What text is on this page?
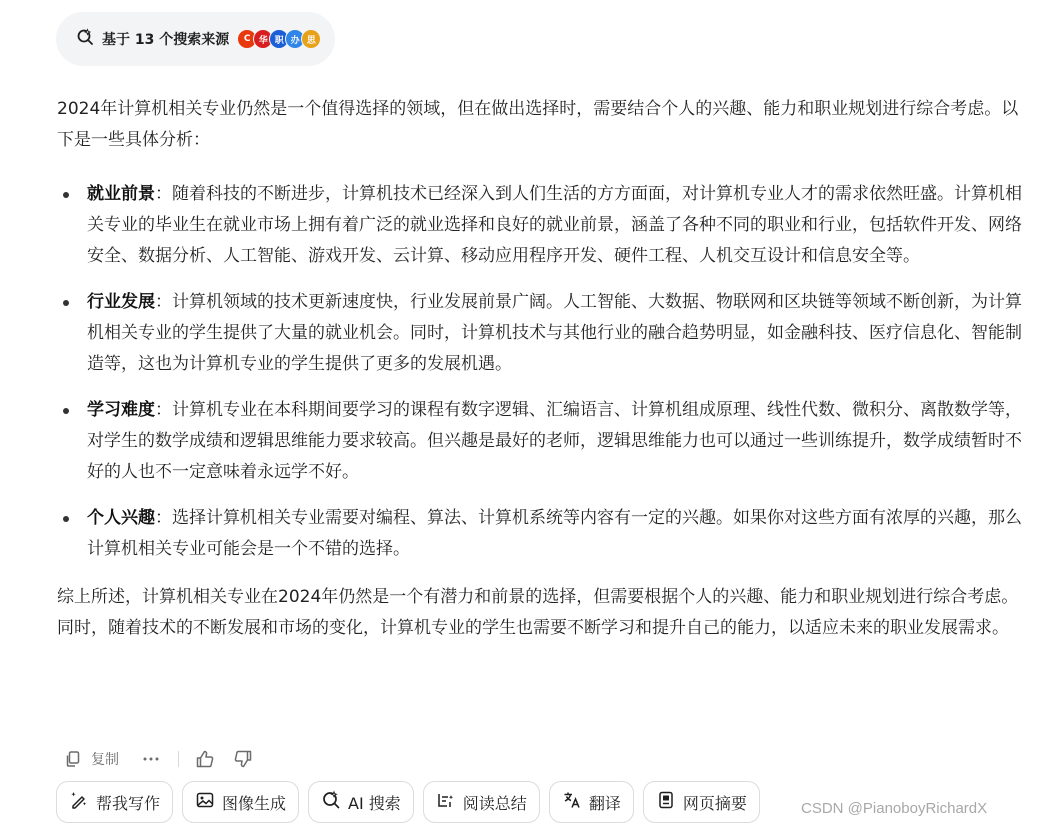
基于 13 个搜索来源	C 华 职 办 思

2024年计算机相关专业仍然是一个值得选择的领域，但在做出选择时，需要结合个人的兴趣、能力和职业规划进行综合考虑。以下是一些具体分析：

就业前景：随着科技的不断进步，计算机技术已经深入到人们生活的方方面面，对计算机专业人才的需求依然旺盛。计算机相关专业的毕业生在就业市场上拥有着广泛的就业选择和良好的就业前景，涵盖了各种不同的职业和行业，包括软件开发、网络安全、数据分析、人工智能、游戏开发、云计算、移动应用程序开发、硬件工程、人机交互设计和信息安全等。
行业发展：计算机领域的技术更新速度快，行业发展前景广阔。人工智能、大数据、物联网和区块链等领域不断创新，为计算机相关专业的学生提供了大量的就业机会。同时，计算机技术与其他行业的融合趋势明显，如金融科技、医疗信息化、智能制造等，这也为计算机专业的学生提供了更多的发展机遇。
学习难度：计算机专业在本科期间要学习的课程有数字逻辑、汇编语言、计算机组成原理、线性代数、微积分、离散数学等，对学生的数学成绩和逻辑思维能力要求较高。但兴趣是最好的老师，逻辑思维能力也可以通过一些训练提升，数学成绩暂时不好的人也不一定意味着永远学不好。
个人兴趣：选择计算机相关专业需要对编程、算法、计算机系统等内容有一定的兴趣。如果你对这些方面有浓厚的兴趣，那么计算机相关专业可能会是一个不错的选择。

综上所述，计算机相关专业在2024年仍然是一个有潜力和前景的选择，但需要根据个人的兴趣、能力和职业规划进行综合考虑。同时，随着技术的不断发展和市场的变化，计算机专业的学生也需要不断学习和提升自己的能力，以适应未来的职业发展需求。

复制
帮我写作	图像生成	AI 搜索	阅读总结	翻译	网页摘要	CSDN @PianoboyRichardX
